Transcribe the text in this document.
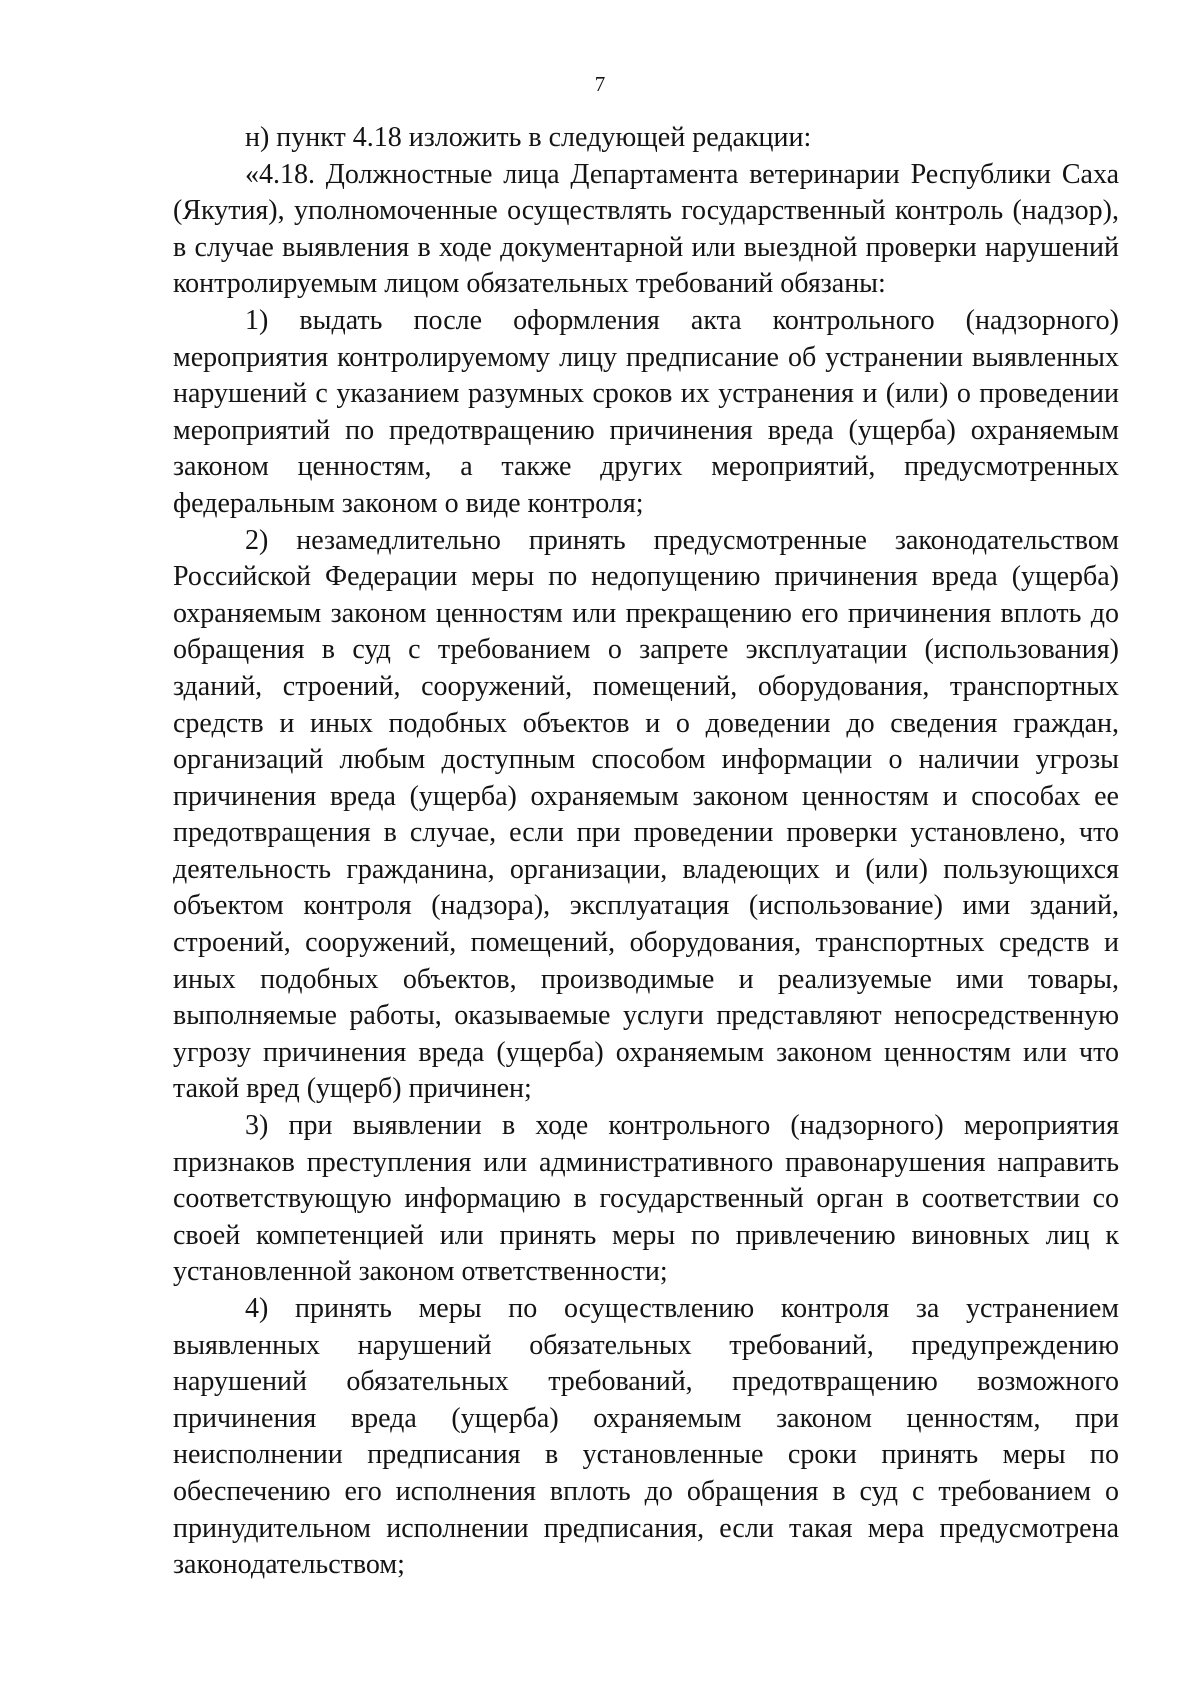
7

н) пункт 4.18 изложить в следующей редакции:

«4.18. Должностные лица Департамента ветеринарии Республики Саха (Якутия), уполномоченные осуществлять государственный контроль (надзор), в случае выявления в ходе документарной или выездной проверки нарушений контролируемым лицом обязательных требований обязаны:

1) выдать после оформления акта контрольного (надзорного) мероприятия контролируемому лицу предписание об устранении выявленных нарушений с указанием разумных сроков их устранения и (или) о проведении мероприятий по предотвращению причинения вреда (ущерба) охраняемым законом ценностям, а также других мероприятий, предусмотренных федеральным законом о виде контроля;

2) незамедлительно принять предусмотренные законодательством Российской Федерации меры по недопущению причинения вреда (ущерба) охраняемым законом ценностям или прекращению его причинения вплоть до обращения в суд с требованием о запрете эксплуатации (использования) зданий, строений, сооружений, помещений, оборудования, транспортных средств и иных подобных объектов и о доведении до сведения граждан, организаций любым доступным способом информации о наличии угрозы причинения вреда (ущерба) охраняемым законом ценностям и способах ее предотвращения в случае, если при проведении проверки установлено, что деятельность гражданина, организации, владеющих и (или) пользующихся объектом контроля (надзора), эксплуатация (использование) ими зданий, строений, сооружений, помещений, оборудования, транспортных средств и иных подобных объектов, производимые и реализуемые ими товары, выполняемые работы, оказываемые услуги представляют непосредственную угрозу причинения вреда (ущерба) охраняемым законом ценностям или что такой вред (ущерб) причинен;

3) при выявлении в ходе контрольного (надзорного) мероприятия признаков преступления или административного правонарушения направить соответствующую информацию в государственный орган в соответствии со своей компетенцией или принять меры по привлечению виновных лиц к установленной законом ответственности;

4) принять меры по осуществлению контроля за устранением выявленных нарушений обязательных требований, предупреждению нарушений обязательных требований, предотвращению возможного причинения вреда (ущерба) охраняемым законом ценностям, при неисполнении предписания в установленные сроки принять меры по обеспечению его исполнения вплоть до обращения в суд с требованием о принудительном исполнении предписания, если такая мера предусмотрена законодательством;
